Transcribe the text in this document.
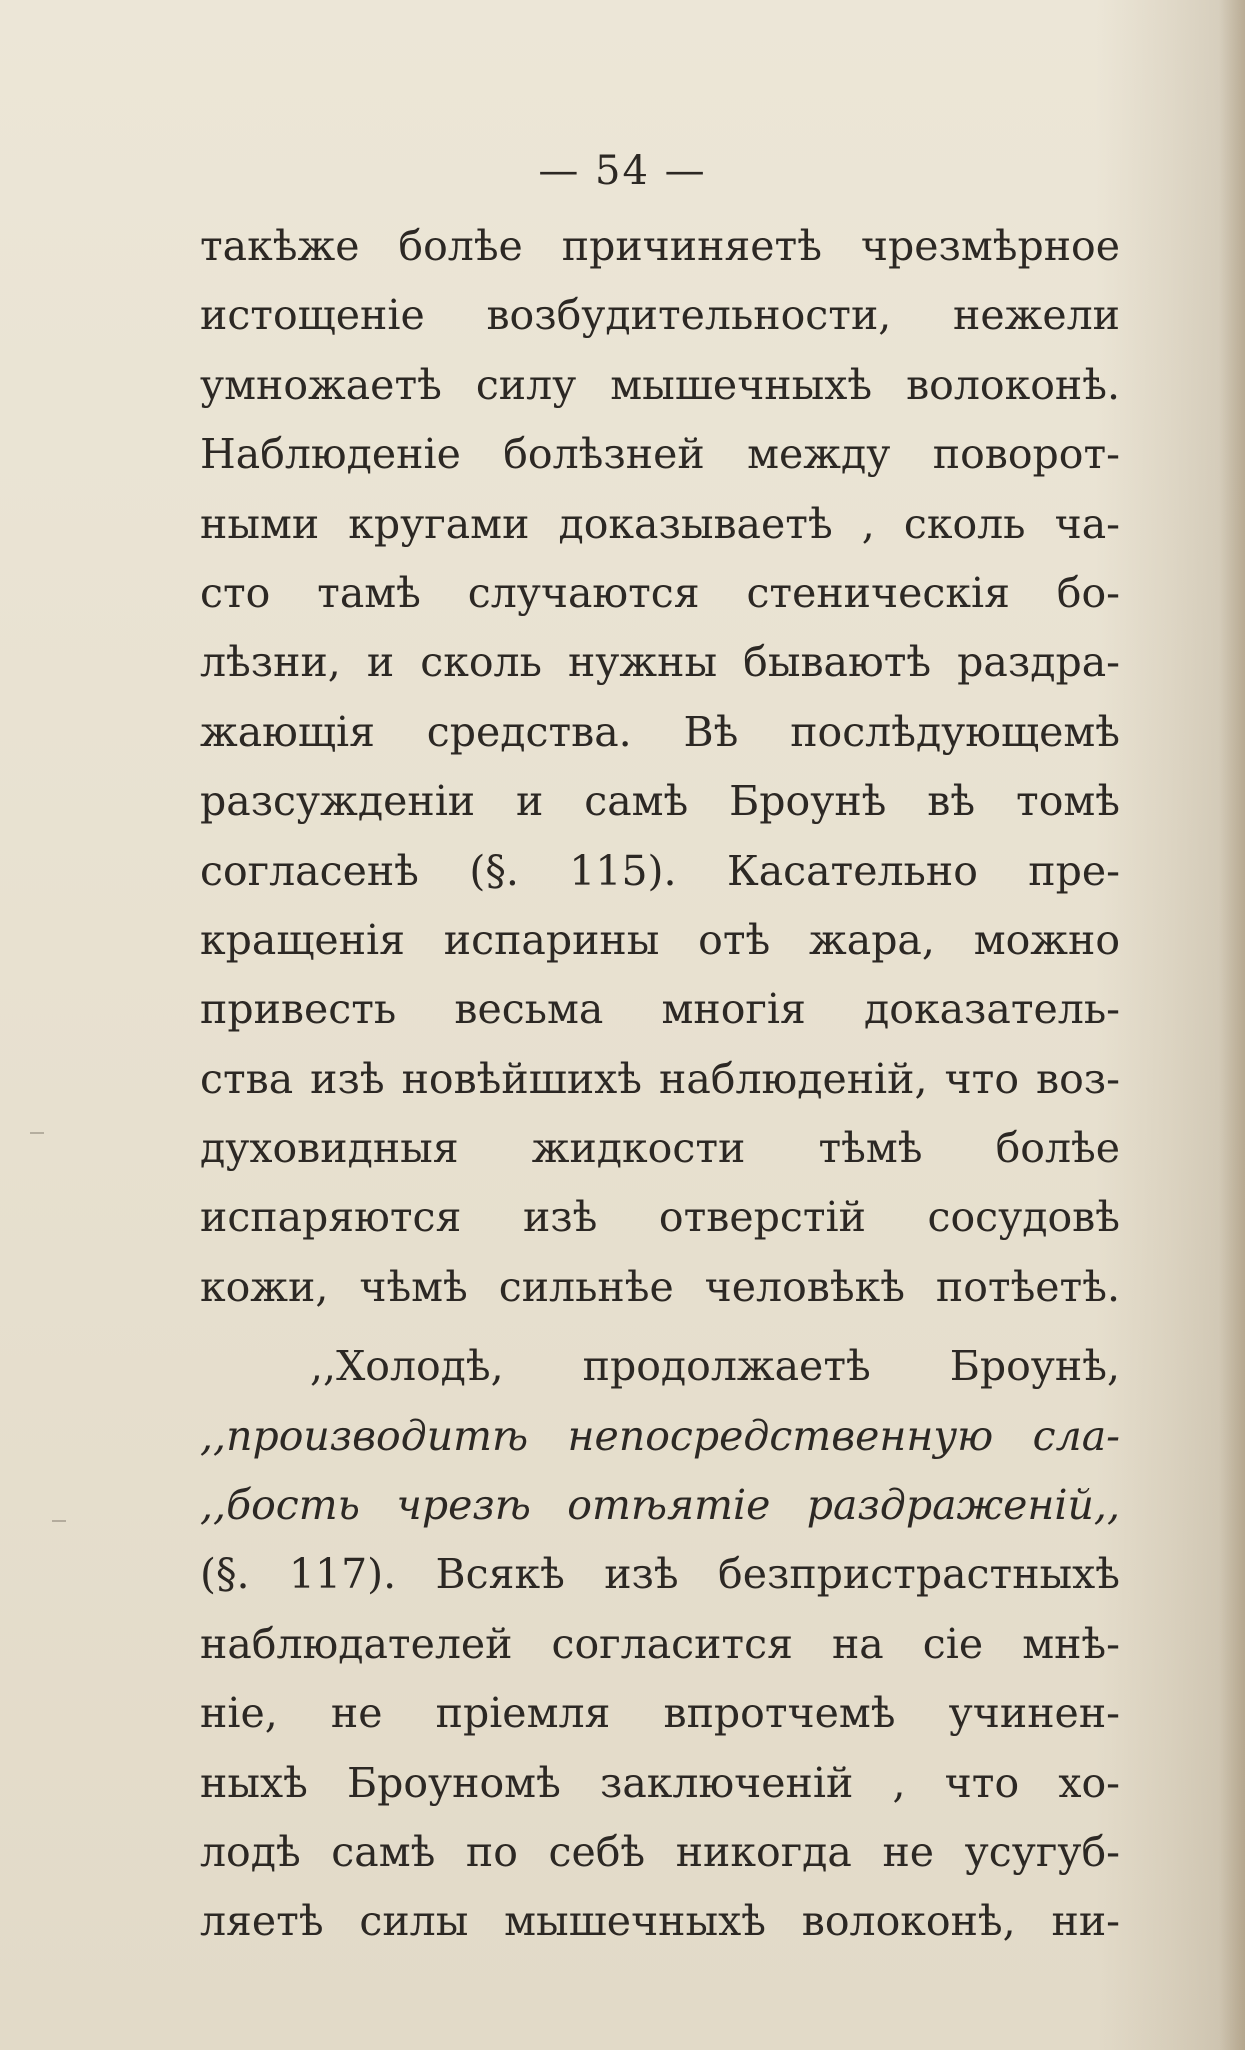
— 54 —
такѣже болѣе причиняетѣ чрезмѣрное
истощеніе возбудительности, нежели
умножаетѣ силу мышечныхѣ волоконѣ.
Наблюденіе болѣзней между поворот-
ными кругами доказываетѣ , сколь ча-
сто тамѣ случаются стеническія бо-
лѣзни, и сколь нужны бываютѣ раздра-
жающія средства. Вѣ послѣдующемѣ
разсужденіи и самѣ Броунѣ вѣ томѣ
согласенѣ (§. 115). Касательно пре-
кращенія испарины отѣ жара, можно
привесть весьма многія доказатель-
ства изѣ новѣйшихѣ наблюденій, что воз-
духовидныя жидкости тѣмѣ болѣе
испаряются изѣ отверстій сосудовѣ
кожи, чѣмѣ сильнѣе человѣкѣ потѣетѣ.
,,Холодѣ, продолжаетѣ Броунѣ,
,,производитѣ непосредственную сла-
,,бость чрезѣ отѣятіе раздраженій,,
(§. 117). Всякѣ изѣ безпристрастныхѣ
наблюдателей согласится на сіе мнѣ-
ніе, не пріемля впротчемѣ учинен-
ныхѣ Броуномѣ заключеній , что хо-
лодѣ самѣ по себѣ никогда не усугуб-
ляетѣ силы мышечныхѣ волоконѣ, ни-
